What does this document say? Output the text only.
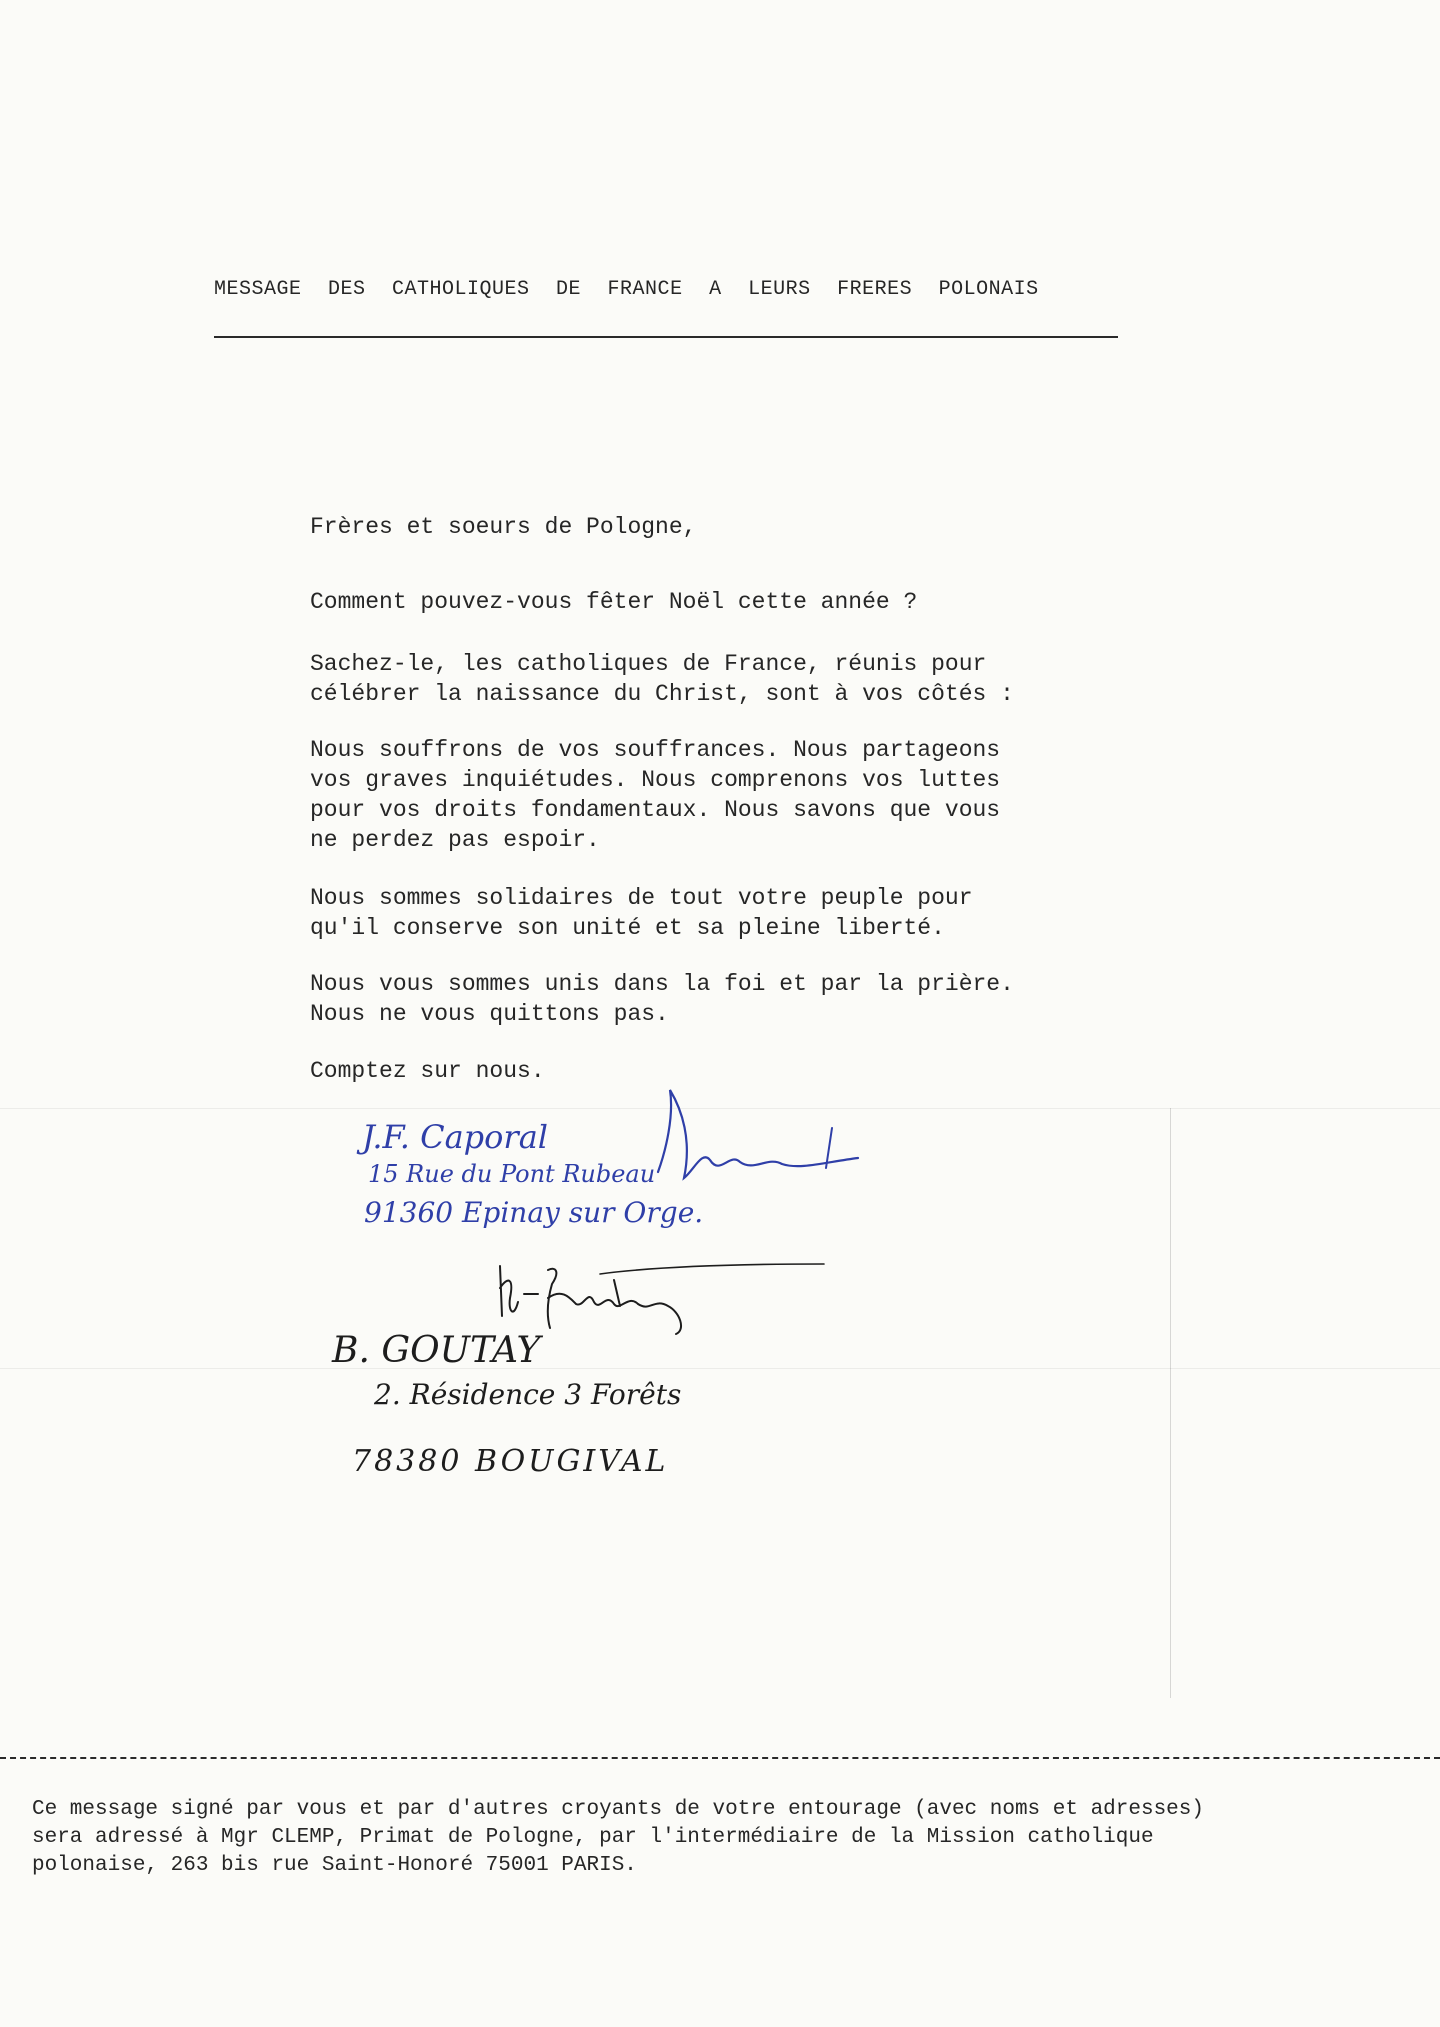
MESSAGE DES CATHOLIQUES DE FRANCE A LEURS FRERES POLONAIS
Frères et soeurs de Pologne,
Comment pouvez-vous fêter Noël cette année ?
Sachez-le, les catholiques de France, réunis pour
célébrer la naissance du Christ, sont à vos côtés :
Nous souffrons de vos souffrances. Nous partageons
vos graves inquiétudes. Nous comprenons vos luttes
pour vos droits fondamentaux. Nous savons que vous
ne perdez pas espoir.
Nous sommes solidaires de tout votre peuple pour
qu'il conserve son unité et sa pleine liberté.
Nous vous sommes unis dans la foi et par la prière.
Nous ne vous quittons pas.
Comptez sur nous.
J.F. Caporal
15 Rue du Pont Rubeau
91360 Epinay sur Orge.
B. GOUTAY
2. Résidence 3 Forêts
78380 BOUGIVAL
Ce message signé par vous et par d'autres croyants de votre entourage (avec noms et adresses)
sera adressé à Mgr CLEMP, Primat de Pologne, par l'intermédiaire de la Mission catholique
polonaise, 263 bis rue Saint-Honoré 75001 PARIS.
